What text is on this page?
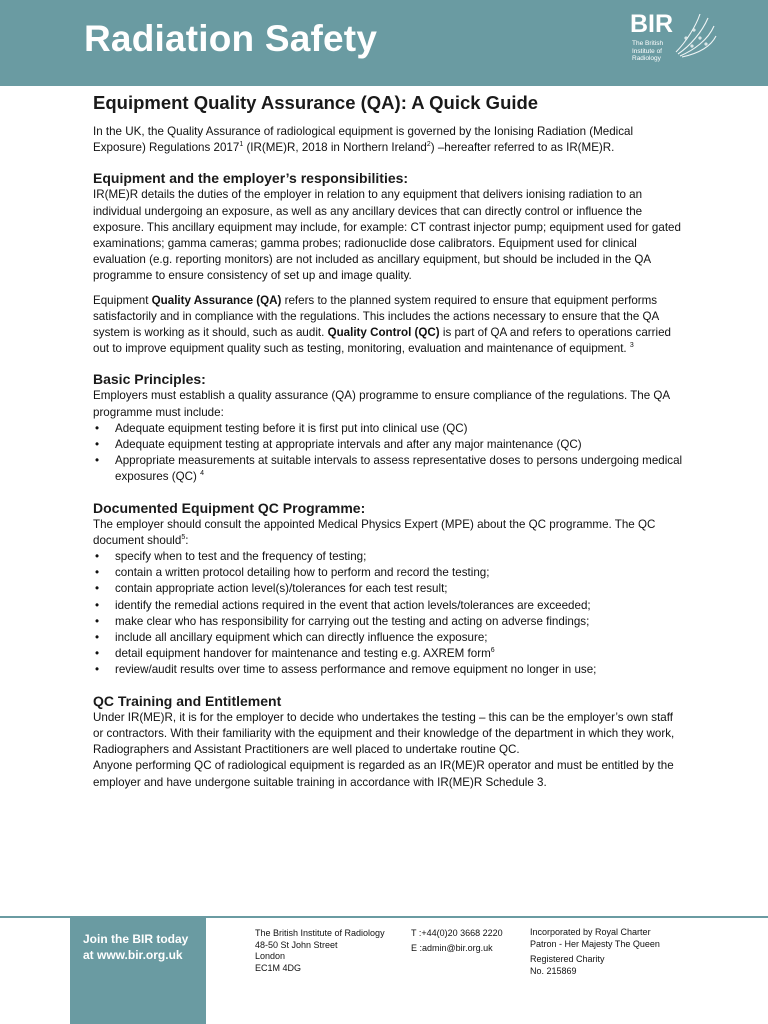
Radiation Safety	BIR
The British
Institute of
Radiology
Equipment Quality Assurance (QA): A Quick Guide
In the UK, the Quality Assurance of radiological equipment is governed by the Ionising Radiation (Medical Exposure) Regulations 2017$^1$ (IR(ME)R, 2018 in Northern Ireland$^2$) –hereafter referred to as IR(ME)R.
Equipment and the employer’s responsibilities:
IR(ME)R details the duties of the employer in relation to any equipment that delivers ionising radiation to an individual undergoing an exposure, as well as any ancillary devices that can directly control or influence the exposure. This ancillary equipment may include, for example: CT contrast injector pump; equipment used for gated examinations; gamma cameras; gamma probes; radionuclide dose calibrators. Equipment used for clinical evaluation (e.g. reporting monitors) are not included as ancillary equipment, but should be included in the QA programme to ensure consistency of set up and image quality.
Equipment Quality Assurance (QA) refers to the planned system required to ensure that equipment performs satisfactorily and in compliance with the regulations. This includes the actions necessary to ensure that the QA system is working as it should, such as audit. Quality Control (QC) is part of QA and refers to operations carried out to improve equipment quality such as testing, monitoring, evaluation and maintenance of equipment. $^3$
Basic Principles:
Employers must establish a quality assurance (QA) programme to ensure compliance of the regulations. The QA programme must include:
• Adequate equipment testing before it is first put into clinical use (QC)
• Adequate equipment testing at appropriate intervals and after any major maintenance (QC)
• Appropriate measurements at suitable intervals to assess representative doses to persons undergoing medical exposures (QC) $^4$
Documented Equipment QC Programme:
The employer should consult the appointed Medical Physics Expert (MPE) about the QC programme. The QC document should$^5$:
• specify when to test and the frequency of testing;
• contain a written protocol detailing how to perform and record the testing;
• contain appropriate action level(s)/tolerances for each test result;
• identify the remedial actions required in the event that action levels/tolerances are exceeded;
• make clear who has responsibility for carrying out the testing and acting on adverse findings;
• include all ancillary equipment which can directly influence the exposure;
• detail equipment handover for maintenance and testing e.g. AXREM form$^6$
• review/audit results over time to assess performance and remove equipment no longer in use;
QC Training and Entitlement
Under IR(ME)R, it is for the employer to decide who undertakes the testing – this can be the employer’s own staff or contractors. With their familiarity with the equipment and their knowledge of the department in which they work, Radiographers and Assistant Practitioners are well placed to undertake routine QC.
Anyone performing QC of radiological equipment is regarded as an IR(ME)R operator and must be entitled by the employer and have undergone suitable training in accordance with IR(ME)R Schedule 3.
Join the BIR today
at www.bir.org.uk
The British Institute of Radiology
48-50 St John Street
London
EC1M 4DG
T :+44(0)20 3668 2220
E :admin@bir.org.uk
Incorporated by Royal Charter
Patron - Her Majesty The Queen
Registered Charity
No. 215869
